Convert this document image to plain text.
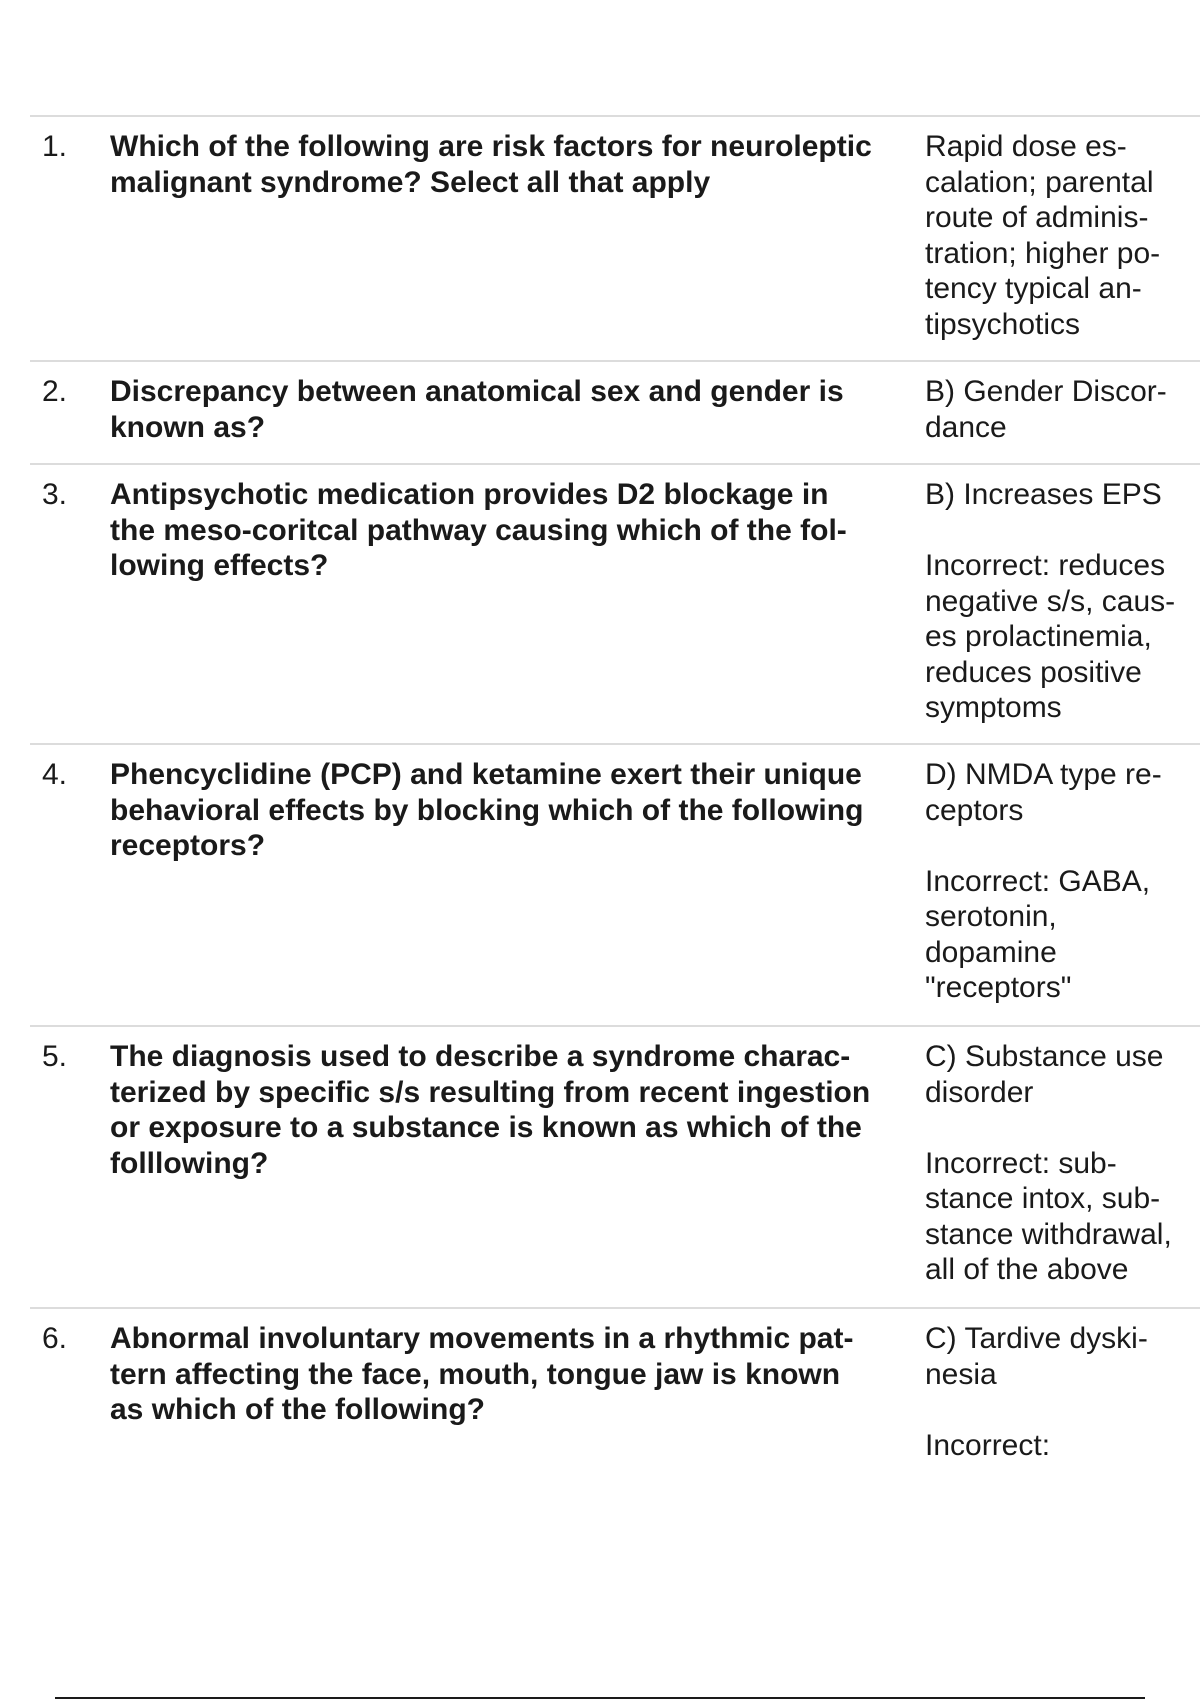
1. Which of the following are risk factors for neuroleptic
malignant syndrome? Select all that apply
Rapid dose es-
calation; parental
route of adminis-
tration; higher po-
tency typical an-
tipsychotics
2. Discrepancy between anatomical sex and gender is
known as?
B) Gender Discor-
dance
3. Antipsychotic medication provides D2 blockage in
the meso-coritcal pathway causing which of the fol-
lowing effects?
B) Increases EPS
Incorrect: reduces
negative s/s, caus-
es prolactinemia,
reduces positive
symptoms
4. Phencyclidine (PCP) and ketamine exert their unique
behavioral effects by blocking which of the following
receptors?
D) NMDA type re-
ceptors
Incorrect: GABA,
serotonin,
dopamine
"receptors"
5. The diagnosis used to describe a syndrome charac-
terized by specific s/s resulting from recent ingestion
or exposure to a substance is known as which of the
folllowing?
C) Substance use
disorder
Incorrect: sub-
stance intox, sub-
stance withdrawal,
all of the above
6. Abnormal involuntary movements in a rhythmic pat-
tern affecting the face, mouth, tongue jaw is known
as which of the following?
C) Tardive dyski-
nesia
Incorrect:
